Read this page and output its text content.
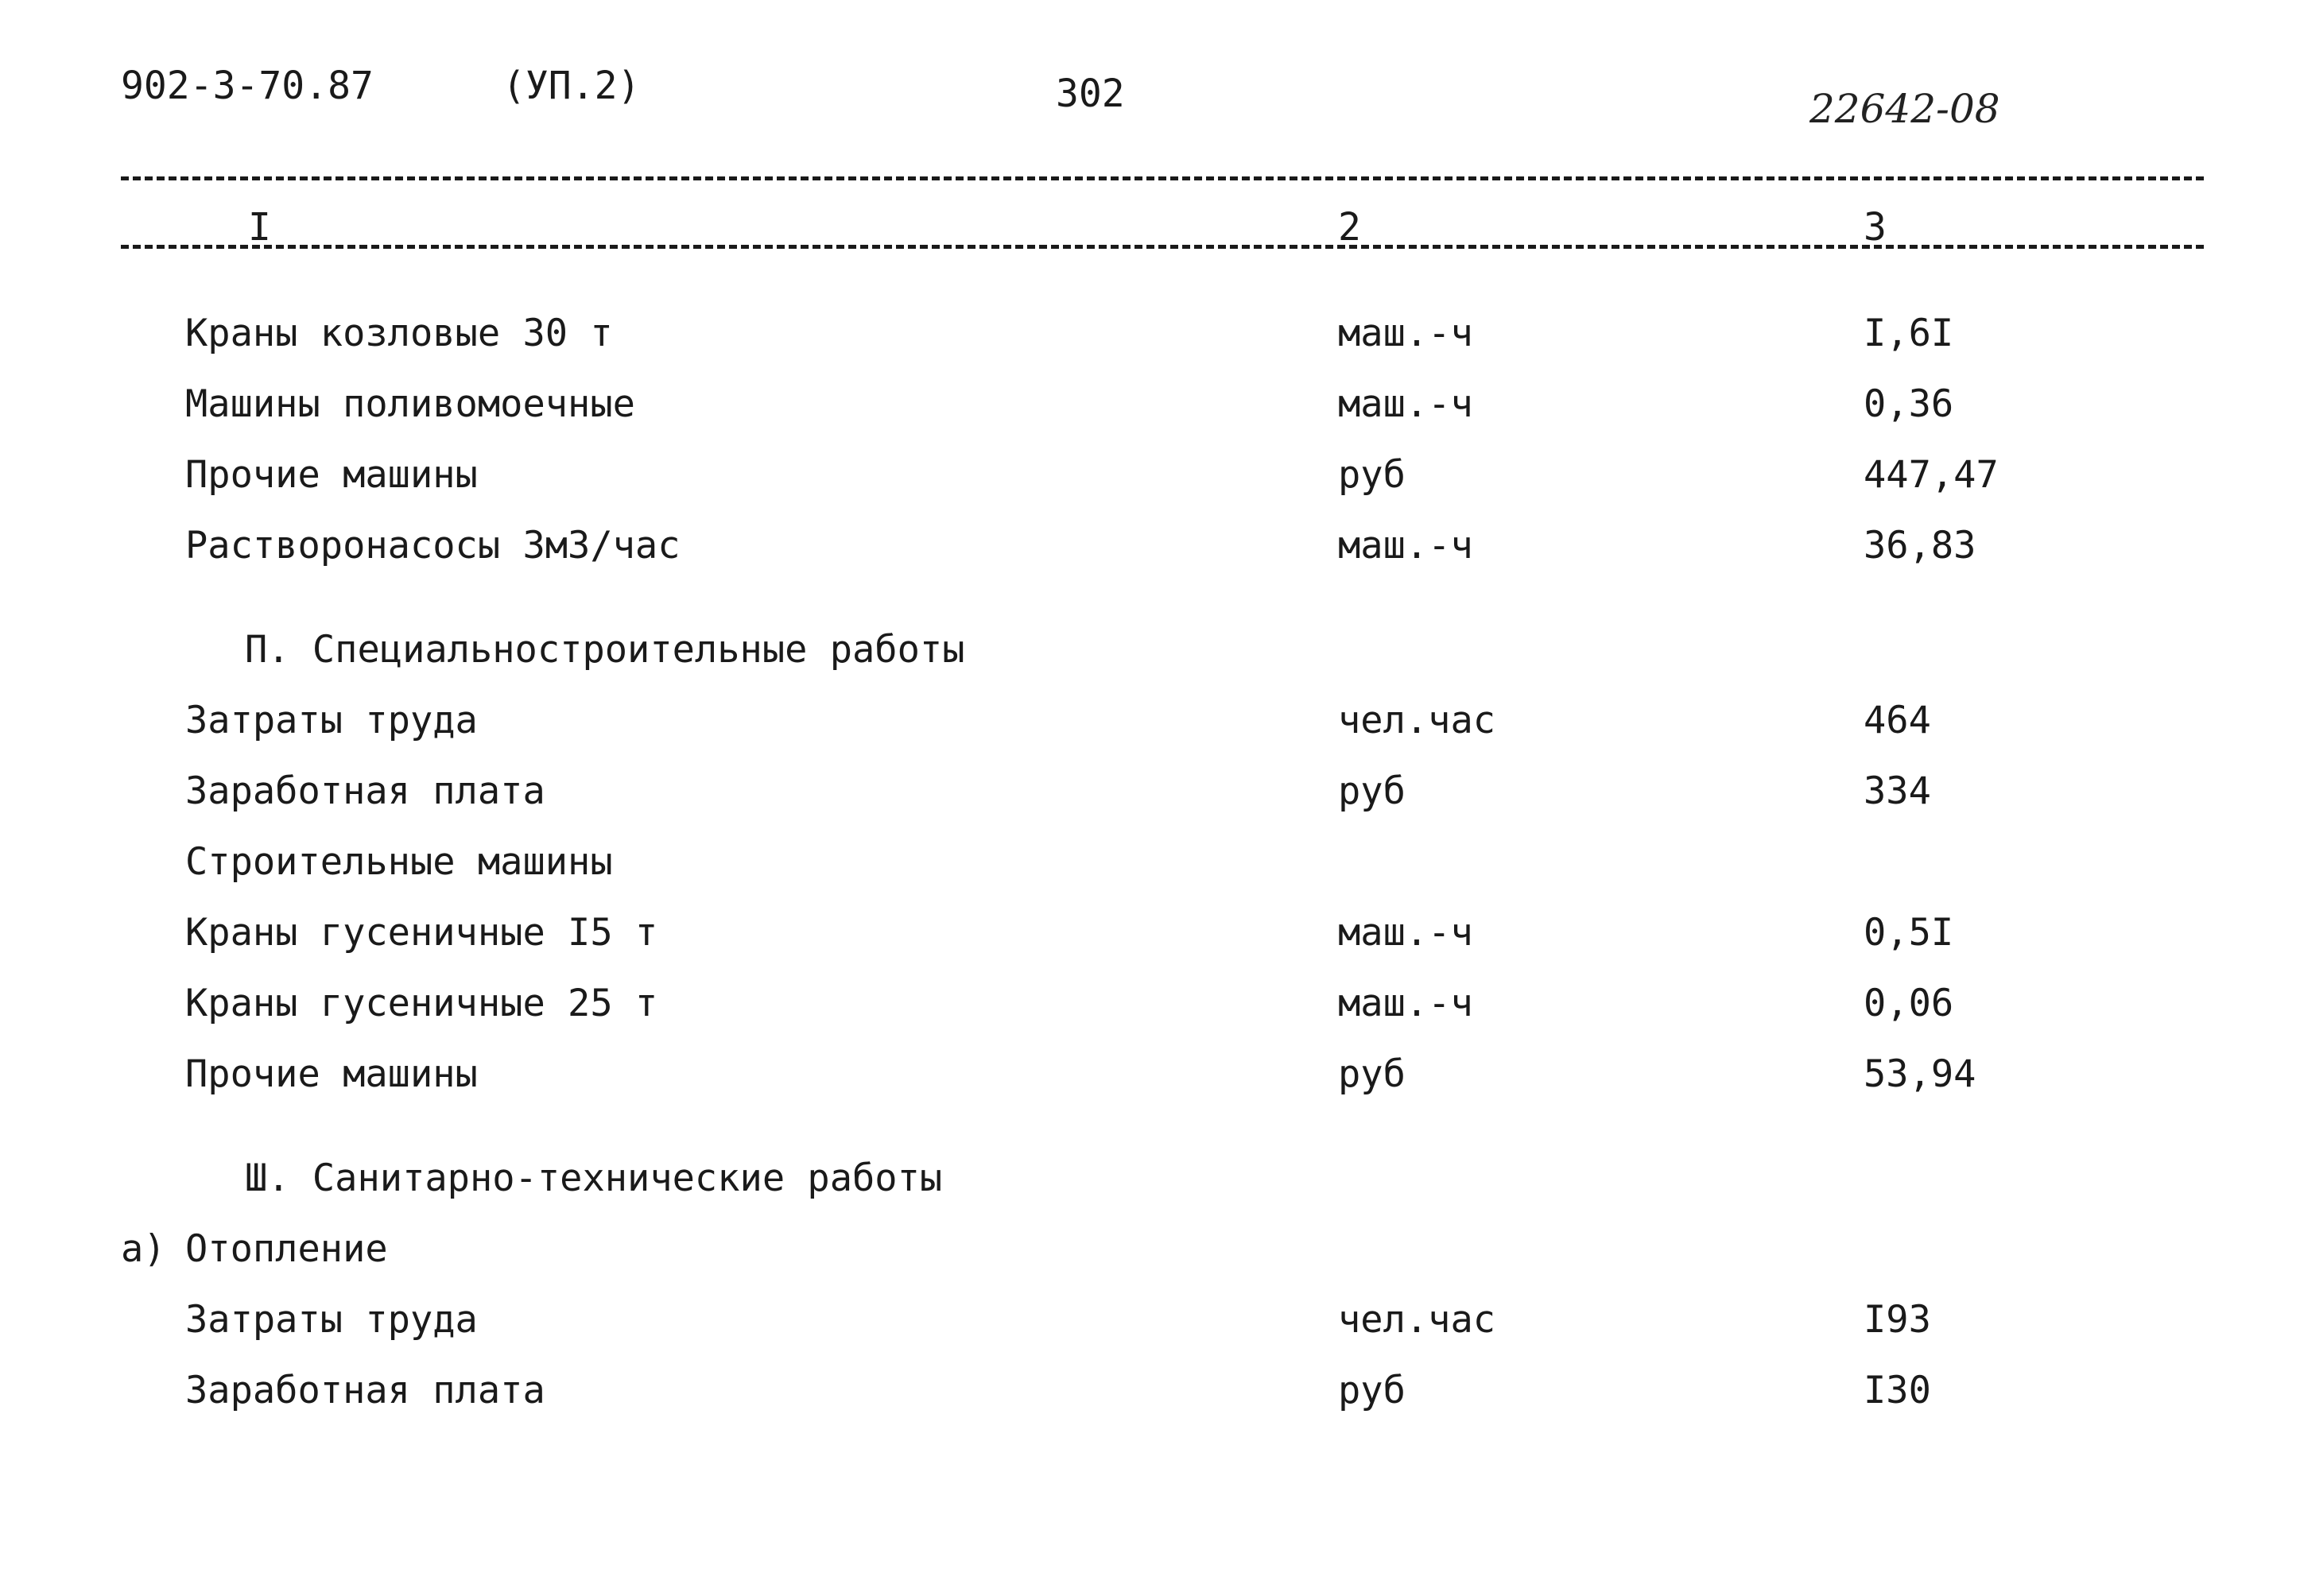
902-3-70.87	(УП.2)	302	22642-08
I	2	3
Краны козловые 30 т	маш.-ч	I,6I
Машины поливомоечные	маш.-ч	0,36
Прочие машины	руб	447,47
Растворонасосы 3м3/час	маш.-ч	36,83
П. Специальностроительные работы
Затраты труда	чел.час	464
Заработная плата	руб	334
Строительные машины
Краны гусеничные I5 т	маш.-ч	0,5I
Краны гусеничные 25 т	маш.-ч	0,06
Прочие машины	руб	53,94
Ш. Санитарно-технические работы
а) Отопление
Затраты труда	чел.час	I93
Заработная плата	руб	I30
